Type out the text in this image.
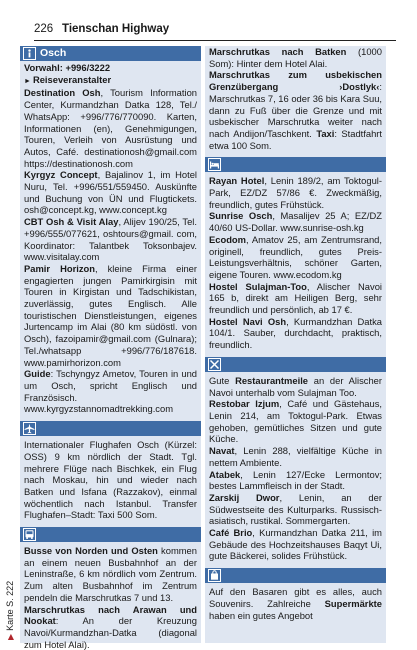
226 Tienschan Highway
▶Karte S. 222
Osch

Vorwahl: +996/3222

► Reiseveranstalter

Destination Osh, Tourism Information Center, Kurmandzhan Datka 128, Tel./ WhatsApp: +996/776/770090. Karten, Informationen (en), Genehmigungen, Touren, Verleih von Ausrüstung und Autos, Café. destinationosh@gmail.com https://destinationosh.com

Kyrgyz Concept, Bajalinov 1, im Hotel Nuru, Tel. +996/551/559450. Auskünfte und Buchung von ÜN und Flugtickets. osh@concept.kg, www.concept.kg

CBT Osh & Visit Alay, Alijev 190/25, Tel. +996/555/077621, oshtours@gmail. com, Koordinator: Talantbek Toksonbajev. www.visitalay.com

Pamir Horizon, kleine Firma einer engagierten jungen Pamirkirgisin mit Touren in Kirgistan und Tadschikistan, zuverlässig, gutes Englisch. Alle touristischen Dienstleistungen, eigenes Jurtencamp im Alai (80 km südöstl. von Osch), fazoipamir@gmail.com (Gulnara); Tel./whatsapp +996/776/187618. www.pamirhorizon.com

Guide: Tschyngyz Ametov, Touren in und um Osch, spricht Englisch und Französisch. www.kyrgyzstannomadtrekking.com

Internationaler Flughafen Osch (Kürzel: OSS) 9 km nördlich der Stadt. Tgl. mehrere Flüge nach Bischkek, ein Flug nach Moskau, hin und wieder nach Batken und Isfana (Razzakov), einmal wöchentlich nach Istanbul. Transfer Flughafen–Stadt: Taxi 500 Som.

Busse von Norden und Osten kommen an einem neuen Busbahnhof an der Leninstraße, 6 km nördlich vom Zentrum. Zum alten Busbahnhof im Zentrum pendeln die Marschrutkas 7 und 13.

Marschrutkas nach Arawan und Nookat: An der Kreuzung Navoi/Kurmandzhan-Datka (diagonal zum Hotel Alai).

Marschrutkas nach Batken (1000 Som): Hinter dem Hotel Alai.

Marschrutkas zum usbekischen Grenzübergang ›Dostlyk‹: Marschrutkas 7, 16 oder 36 bis Kara Suu, dann zu Fuß über die Grenze und mit usbekischer Marschrutka weiter nach nach Andijon/Taschkent. Taxi: Stadtfahrt etwa 100 Som.

Rayan Hotel, Lenin 189/2, am Toktogul-Park, EZ/DZ 57/86 €. Zweckmäßig, freundlich, gutes Frühstück.

Sunrise Osch, Masalijev 25 A; EZ/DZ 40/60 US-Dollar. www.sunrise-osh.kg

Ecodom, Amatov 25, am Zentrumsrand, originell, freundlich, gutes Preis-Leistungsverhältnis, schöner Garten, eigene Touren. www.ecodom.kg

Hostel Sulajman-Too, Alischer Navoi 165 b, direkt am Heiligen Berg, sehr freundlich und persönlich, ab 17 €.

Hostel Navi Osh, Kurmandzhan Datka 104/1. Sauber, durchdacht, praktisch, freundlich.

Gute Restaurantmeile an der Alischer Navoi unterhalb vom Sulajman Too.

Restobar Izjum, Café und Gästehaus, Lenin 214, am Toktogul-Park. Etwas gehoben, gemütliches Sitzen und gute Küche.

Navat, Lenin 288, vielfältige Küche in nettem Ambiente.

Atabek, Lenin 127/Ecke Lermontov; bestes Lammfleisch in der Stadt.

Zarskij Dwor, Lenin, an der Südwestseite des Kulturparks. Russisch-asiatisch, rustikal. Sommergarten.

Café Brio, Kurmandzhan Datka 211, im Gebäude des Hochzeitshauses Baqyt Ui, gute Bäckerei, solides Frühstück.

Auf den Basaren gibt es alles, auch Souvenirs. Zahlreiche Supermärkte haben ein gutes Angebot
